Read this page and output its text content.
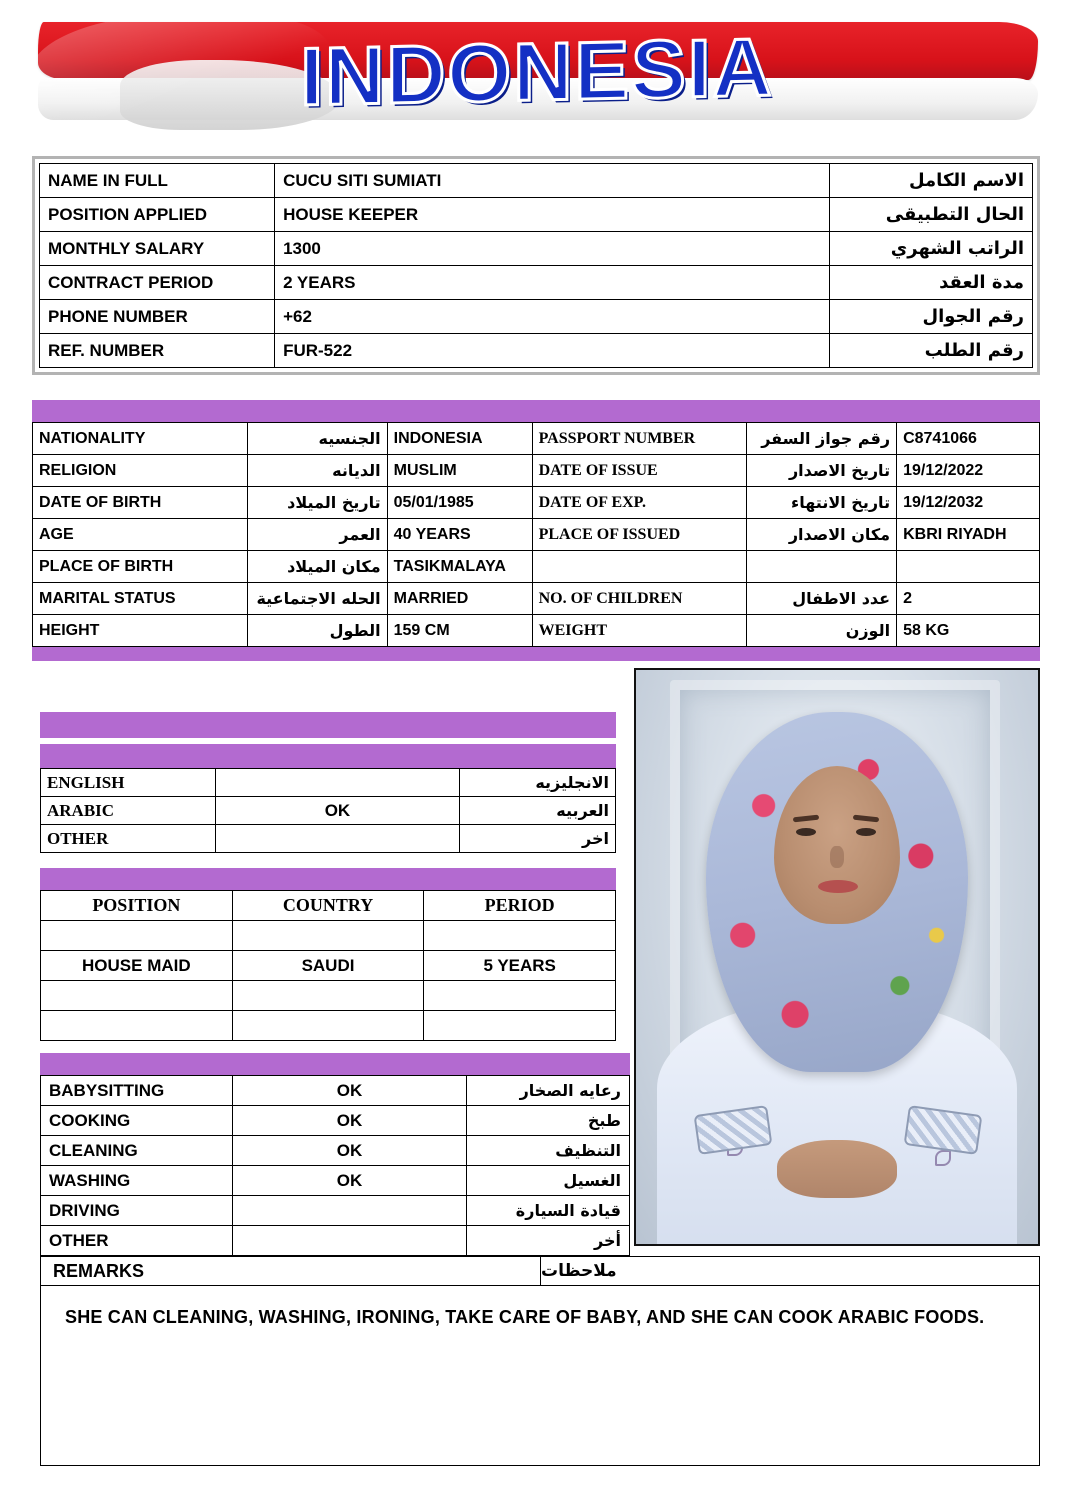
INDONESIA
NAME IN FULL	CUCU SITI SUMIATI	الاسم الكامل
POSITION APPLIED	HOUSE KEEPER	الحال التطبيقى
MONTHLY SALARY	1300	الراتب الشهري
CONTRACT PERIOD	2 YEARS	مدة العقد
PHONE NUMBER	+62	رقم الجوال
REF. NUMBER	FUR-522	رقم الطلب
NATIONALITY	الجنسيه	INDONESIA	PASSPORT NUMBER	رقم جواز السفر	C8741066
RELIGION	الديانه	MUSLIM	DATE OF ISSUE	تاريخ الاصدار	19/12/2022
DATE OF BIRTH	تاريخ الميلاد	05/01/1985	DATE OF EXP.	تاريخ الانتهاء	19/12/2032
AGE	العمر	40 YEARS	PLACE OF ISSUED	مكان الاصدار	KBRI RIYADH
PLACE OF BIRTH	مكان الميلاد	TASIKMALAYA			
MARITAL STATUS	الحله الاجتماعية	MARRIED	NO. OF CHILDREN	عدد الاطفال	2
HEIGHT	الطول	159 CM	WEIGHT	الوزن	58 KG
ENGLISH		الانجليزيه
ARABIC	OK	العربيه
OTHER		اخر
POSITION	COUNTRY	PERIOD

HOUSE MAID	SAUDI	5 YEARS

BABYSITTING	OK	رعايه الصخار
COOKING	OK	طبخ
CLEANING	OK	التنظيف
WASHING	OK	الغسيل
DRIVING		قيادة السيارة
OTHER		أخر
REMARKS	ملاحظات
SHE CAN CLEANING, WASHING, IRONING, TAKE CARE OF BABY, AND SHE CAN COOK ARABIC FOODS.
